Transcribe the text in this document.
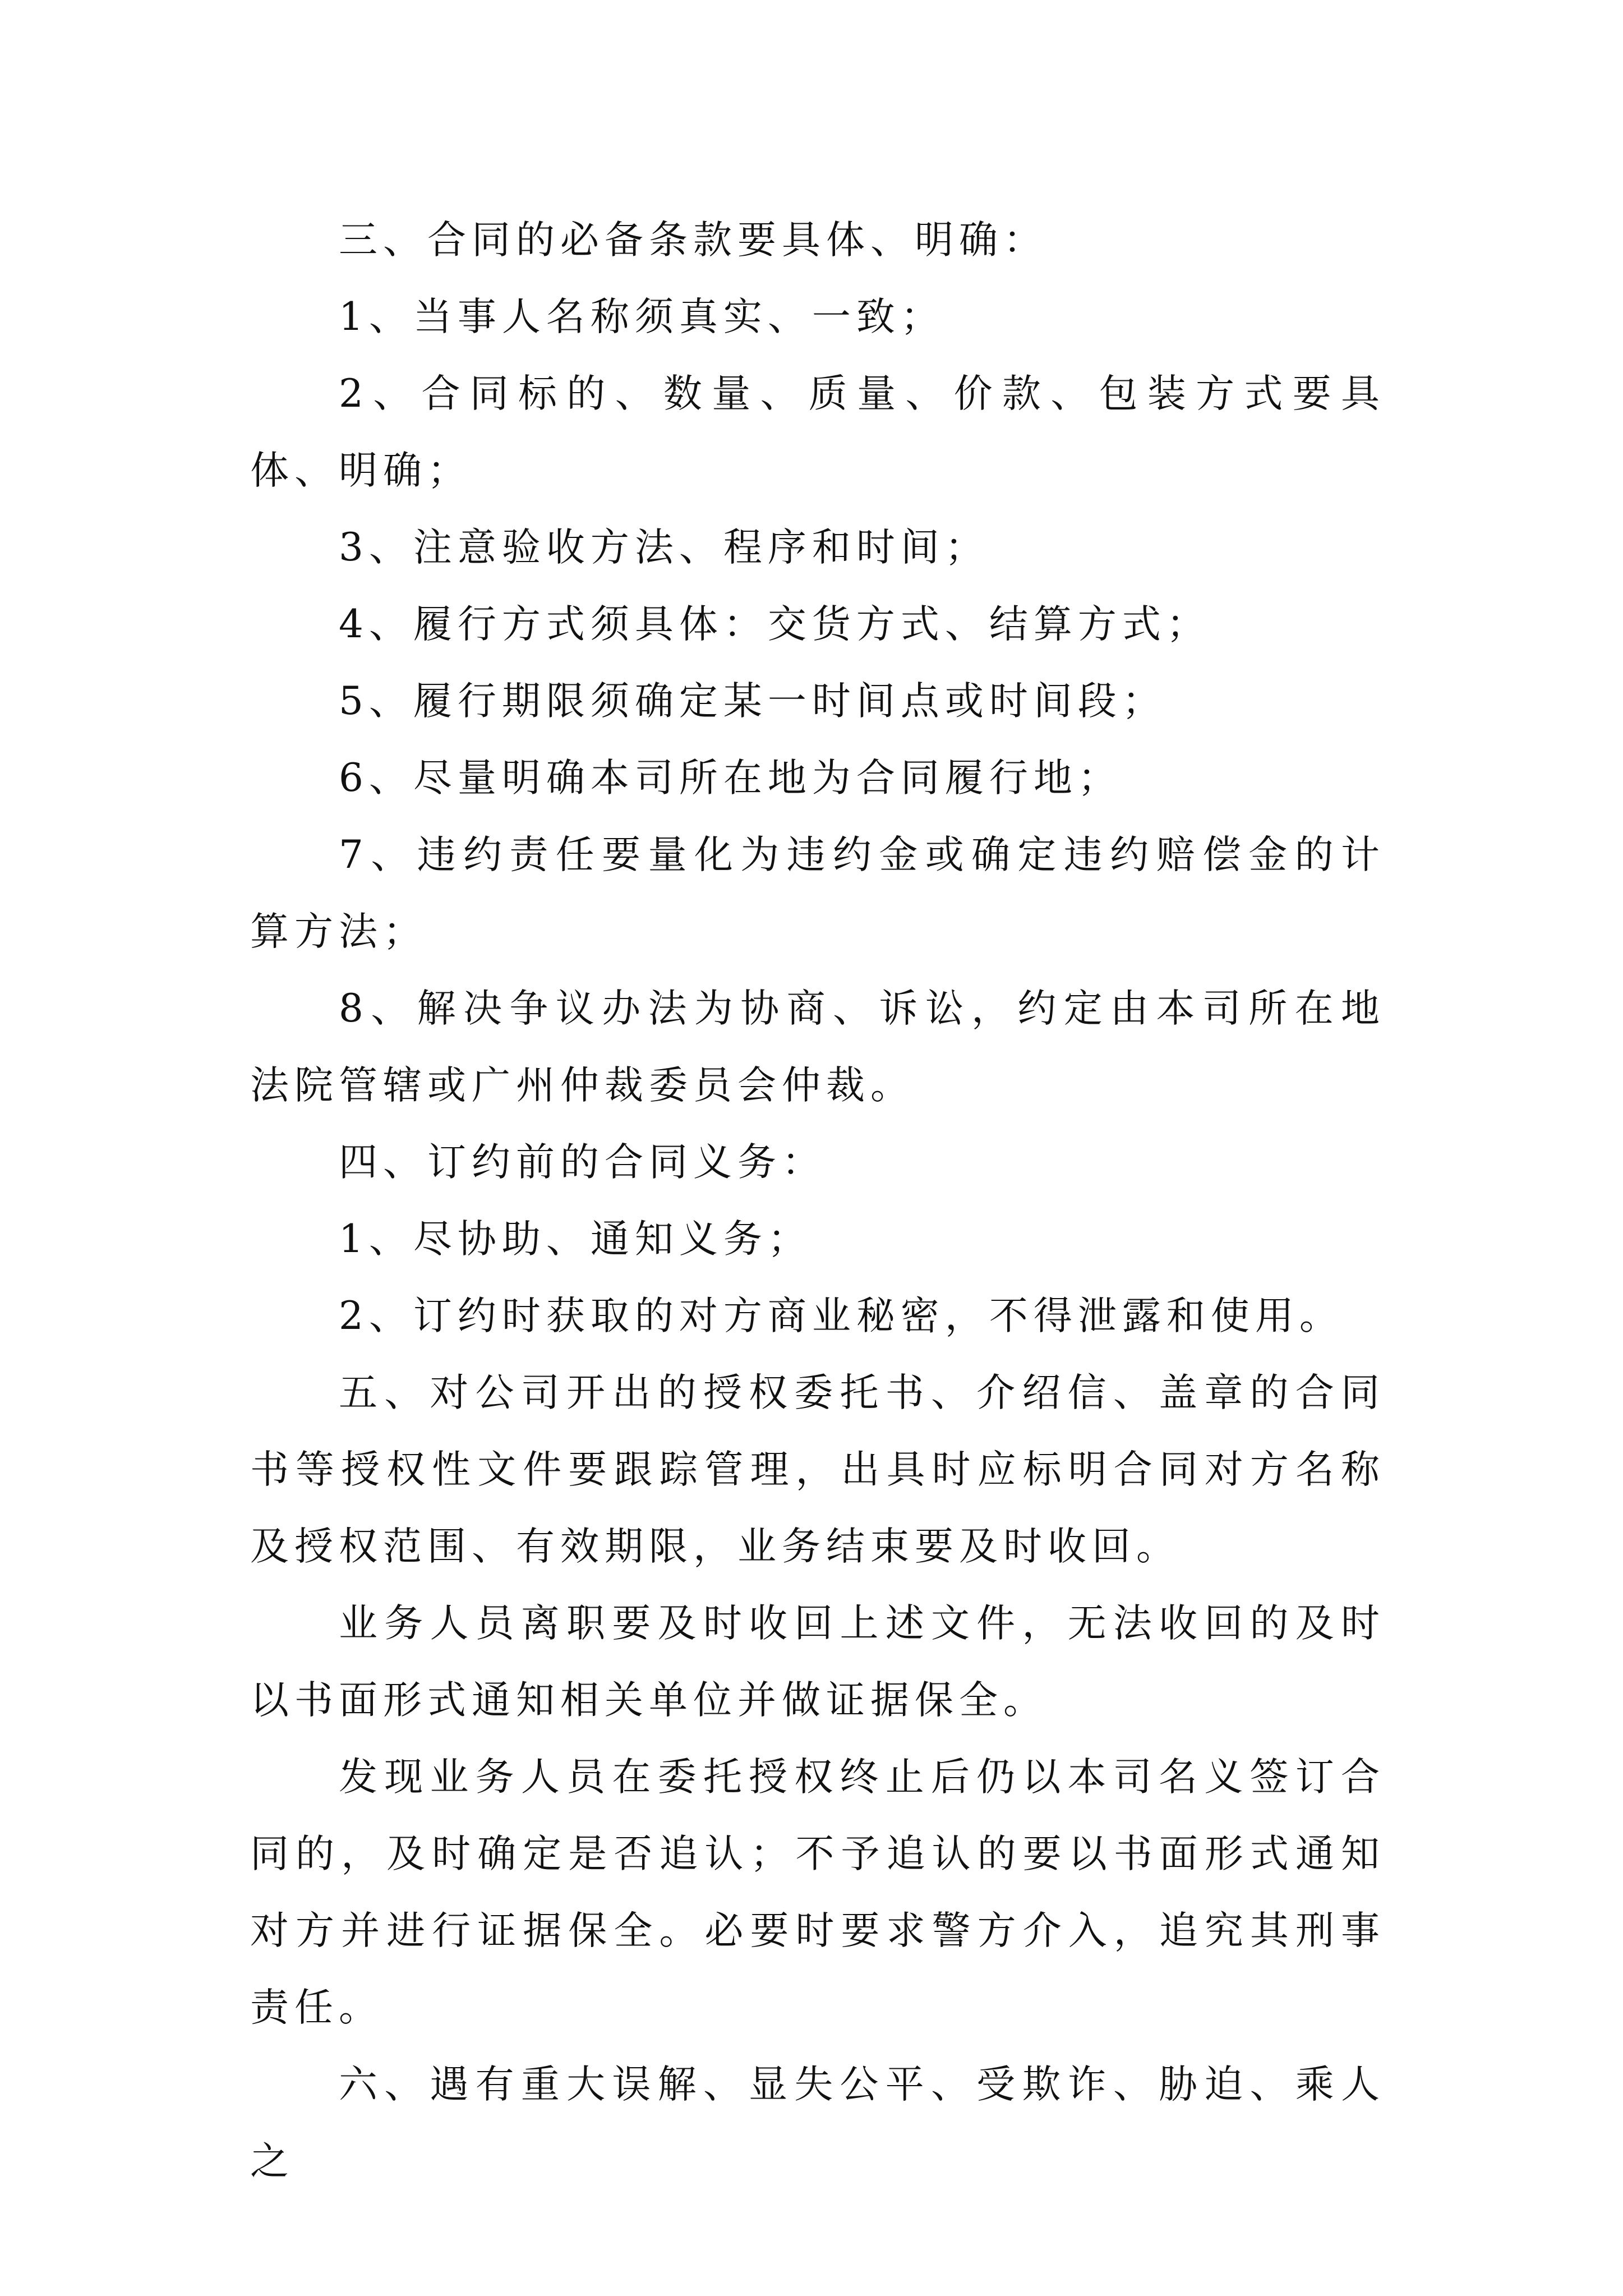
三、合同的必备条款要具体、明确：

1、当事人名称须真实、一致；

2、合同标的、数量、质量、价款、包装方式要具体、明确；

3、注意验收方法、程序和时间；

4、履行方式须具体：交货方式、结算方式；

5、履行期限须确定某一时间点或时间段；

6、尽量明确本司所在地为合同履行地；

7、违约责任要量化为违约金或确定违约赔偿金的计算方法；

8、解决争议办法为协商、诉讼，约定由本司所在地法院管辖或广州仲裁委员会仲裁。

四、订约前的合同义务：

1、尽协助、通知义务；

2、订约时获取的对方商业秘密，不得泄露和使用。

五、对公司开出的授权委托书、介绍信、盖章的合同书等授权性文件要跟踪管理，出具时应标明合同对方名称及授权范围、有效期限，业务结束要及时收回。

业务人员离职要及时收回上述文件，无法收回的及时以书面形式通知相关单位并做证据保全。

发现业务人员在委托授权终止后仍以本司名义签订合同的，及时确定是否追认；不予追认的要以书面形式通知对方并进行证据保全。必要时要求警方介入，追究其刑事责任。

六、遇有重大误解、显失公平、受欺诈、胁迫、乘人之
